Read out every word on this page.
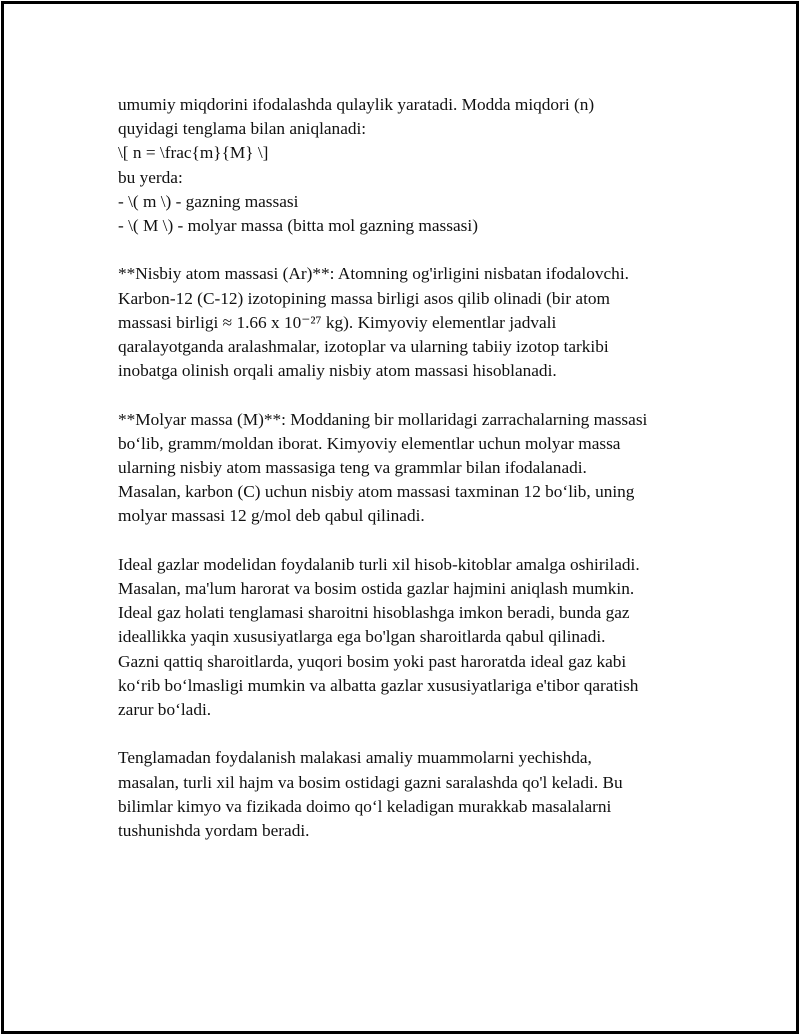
umumiy miqdorini ifodalashda qulaylik yaratadi. Modda miqdori (n)
quyidagi tenglama bilan aniqlanadi:
\[ n = \frac{m}{M} \]
bu yerda:
- \( m \) - gazning massasi
- \( M \) - molyar massa (bitta mol gazning massasi)
**Nisbiy atom massasi (Ar)**: Atomning og'irligini nisbatan ifodalovchi.
Karbon-12 (C-12) izotopining massa birligi asos qilib olinadi (bir atom
massasi birligi ≈ 1.66 x 10⁻²⁷ kg). Kimyoviy elementlar jadvali
qaralayotganda aralashmalar, izotoplar va ularning tabiiy izotop tarkibi
inobatga olinish orqali amaliy nisbiy atom massasi hisoblanadi.
**Molyar massa (M)**: Moddaning bir mollaridagi zarrachalarning massasi
bo‘lib, gramm/moldan iborat. Kimyoviy elementlar uchun molyar massa
ularning nisbiy atom massasiga teng va grammlar bilan ifodalanadi.
Masalan, karbon (C) uchun nisbiy atom massasi taxminan 12 bo‘lib, uning
molyar massasi 12 g/mol deb qabul qilinadi.
Ideal gazlar modelidan foydalanib turli xil hisob-kitoblar amalga oshiriladi.
Masalan, ma'lum harorat va bosim ostida gazlar hajmini aniqlash mumkin.
Ideal gaz holati tenglamasi sharoitni hisoblashga imkon beradi, bunda gaz
ideallikka yaqin xususiyatlarga ega bo'lgan sharoitlarda qabul qilinadi.
Gazni qattiq sharoitlarda, yuqori bosim yoki past haroratda ideal gaz kabi
ko‘rib bo‘lmasligi mumkin va albatta gazlar xususiyatlariga e'tibor qaratish
zarur bo‘ladi.
Tenglamadan foydalanish malakasi amaliy muammolarni yechishda,
masalan, turli xil hajm va bosim ostidagi gazni saralashda qo'l keladi. Bu
bilimlar kimyo va fizikada doimo qo‘l keladigan murakkab masalalarni
tushunishda yordam beradi.
